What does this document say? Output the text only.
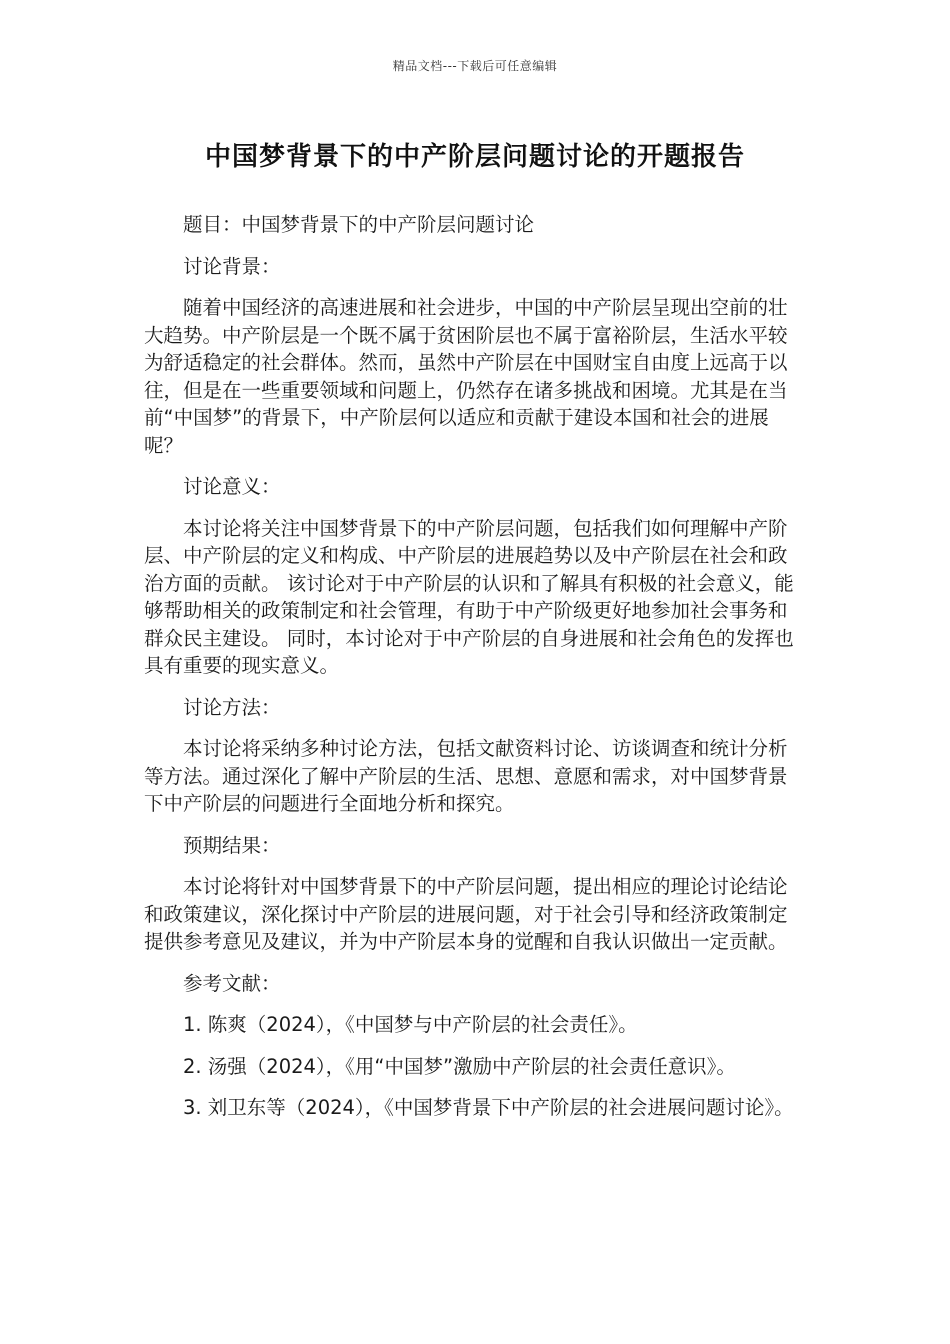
精品文档---下载后可任意编辑
中国梦背景下的中产阶层问题讨论的开题报告

题目：中国梦背景下的中产阶层问题讨论

讨论背景：

随着中国经济的高速进展和社会进步，中国的中产阶层呈现出空前的壮大趋势。中产阶层是一个既不属于贫困阶层也不属于富裕阶层，生活水平较为舒适稳定的社会群体。然而，虽然中产阶层在中国财宝自由度上远高于以往，但是在一些重要领域和问题上，仍然存在诸多挑战和困境。尤其是在当前“中国梦”的背景下，中产阶层何以适应和贡献于建设本国和社会的进展呢？

讨论意义：

本讨论将关注中国梦背景下的中产阶层问题，包括我们如何理解中产阶层、中产阶层的定义和构成、中产阶层的进展趋势以及中产阶层在社会和政治方面的贡献。 该讨论对于中产阶层的认识和了解具有积极的社会意义，能够帮助相关的政策制定和社会管理，有助于中产阶级更好地参加社会事务和群众民主建设。 同时，本讨论对于中产阶层的自身进展和社会角色的发挥也具有重要的现实意义。

讨论方法：

本讨论将采纳多种讨论方法，包括文献资料讨论、访谈调查和统计分析等方法。通过深化了解中产阶层的生活、思想、意愿和需求，对中国梦背景下中产阶层的问题进行全面地分析和探究。

预期结果：

本讨论将针对中国梦背景下的中产阶层问题，提出相应的理论讨论结论和政策建议，深化探讨中产阶层的进展问题，对于社会引导和经济政策制定提供参考意见及建议，并为中产阶层本身的觉醒和自我认识做出一定贡献。

参考文献：

1. 陈爽（2024），《中国梦与中产阶层的社会责任》。

2. 汤强（2024），《用“中国梦”激励中产阶层的社会责任意识》。

3. 刘卫东等（2024），《中国梦背景下中产阶层的社会进展问题讨论》。
